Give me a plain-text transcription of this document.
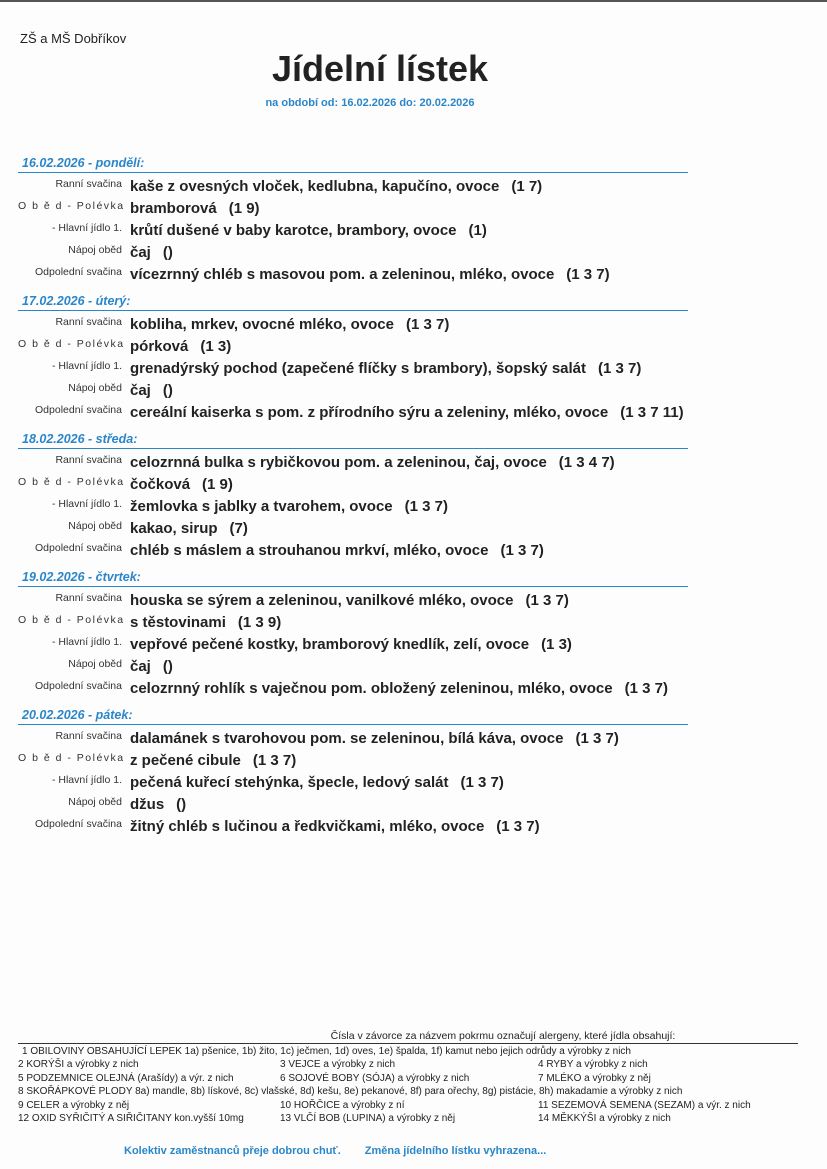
ZŠ a MŠ Dobříkov
Jídelní lístek
na období od: 16.02.2026 do: 20.02.2026
16.02.2026 - pondělí:
Ranní svačina kaše z ovesných vloček, kedlubna, kapučíno, ovoce (1 7)
O b ě d - Polévka bramborová (1 9)
- Hlavní jídlo 1. krůtí dušené v baby karotce, brambory, ovoce (1)
Nápoj oběd čaj ()
Odpolední svačina vícezrnný chléb s masovou pom. a zeleninou, mléko, ovoce (1 3 7)
17.02.2026 - úterý:
Ranní svačina kobliha, mrkev, ovocné mléko, ovoce (1 3 7)
O b ě d - Polévka pórková (1 3)
- Hlavní jídlo 1. grenadýrský pochod (zapečené flíčky s brambory), šopský salát (1 3 7)
Nápoj oběd čaj ()
Odpolední svačina cereální kaiserka s pom. z přírodního sýru a zeleniny, mléko, ovoce (1 3 7 11)
18.02.2026 - středa:
Ranní svačina celozrnná bulka s rybičkovou pom. a zeleninou, čaj, ovoce (1 3 4 7)
O b ě d - Polévka čočková (1 9)
- Hlavní jídlo 1. žemlovka s jablky a tvarohem, ovoce (1 3 7)
Nápoj oběd kakao, sirup (7)
Odpolední svačina chléb s máslem a strouhanou mrkví, mléko, ovoce (1 3 7)
19.02.2026 - čtvrtek:
Ranní svačina houska se sýrem a zeleninou, vanilkové mléko, ovoce (1 3 7)
O b ě d - Polévka s těstovinami (1 3 9)
- Hlavní jídlo 1. vepřové pečené kostky, bramborový knedlík, zelí, ovoce (1 3)
Nápoj oběd čaj ()
Odpolední svačina celozrnný rohlík s vaječnou pom. obložený zeleninou, mléko, ovoce (1 3 7)
20.02.2026 - pátek:
Ranní svačina dalamánek s tvarohovou pom. se zeleninou, bílá káva, ovoce (1 3 7)
O b ě d - Polévka z pečené cibule (1 3 7)
- Hlavní jídlo 1. pečená kuřecí stehýnka, špecle, ledový salát (1 3 7)
Nápoj oběd džus ()
Odpolední svačina žitný chléb s lučinou a ředkvičkami, mléko, ovoce (1 3 7)
Čísla v závorce za názvem pokrmu označují alergeny, které jídla obsahují:
1 OBILOVINY OBSAHUJÍCÍ LEPEK 1a) pšenice, 1b) žito, 1c) ječmen, 1d) oves, 1e) špalda, 1f) kamut nebo jejich odrůdy a výrobky z nich
2 KORÝŠI a výrobky z nich	3 VEJCE a výrobky z nich	4 RYBY a výrobky z nich
5 PODZEMNICE OLEJNÁ (Arašídy) a výr. z nich	6 SOJOVÉ BOBY (SÓJA) a výrobky z nich	7 MLÉKO a výrobky z něj
8 SKOŘÁPKOVÉ PLODY 8a) mandle, 8b) lískové, 8c) vlašské, 8d) kešu, 8e) pekanové, 8f) para ořechy, 8g) pistácie, 8h) makadamie a výrobky z nich
9 CELER a výrobky z něj	10 HOŘČICE a výrobky z ní	11 SEZEMOVÁ SEMENA (SEZAM) a výr. z nich
12 OXID SYŘIČITÝ A SIŘIČITANY kon.vyšší 10mg	13 VLČÍ BOB (LUPINA) a výrobky z něj	14 MĚKKÝŠI a výrobky z nich
Kolektiv zaměstnanců přeje dobrou chuť. Změna jídelního lístku vyhrazena...
